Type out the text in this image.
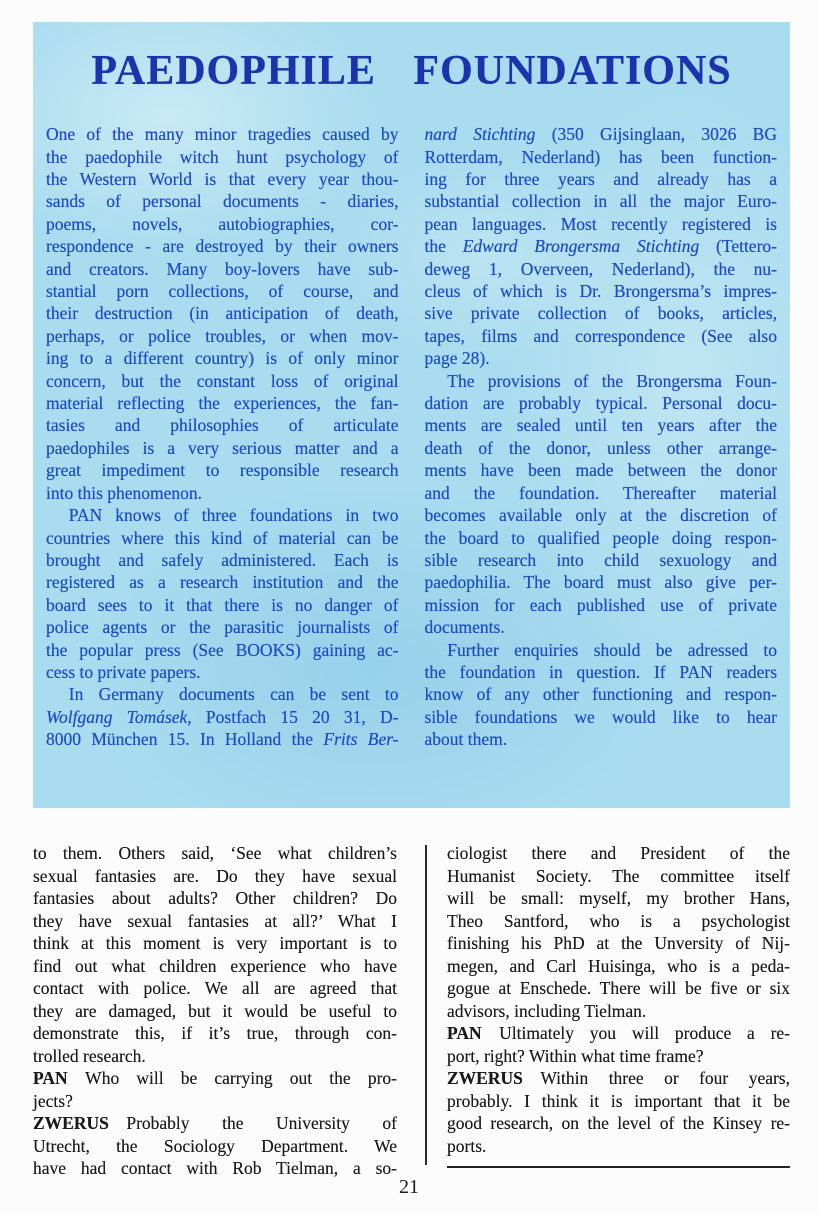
PAEDOPHILE FOUNDATIONS
One of the many minor tragedies caused by
the paedophile witch hunt psychology of
the Western World is that every year thou-
sands of personal documents - diaries,
poems, novels, autobiographies, cor-
respondence - are destroyed by their owners
and creators. Many boy-lovers have sub-
stantial porn collections, of course, and
their destruction (in anticipation of death,
perhaps, or police troubles, or when mov-
ing to a different country) is of only minor
concern, but the constant loss of original
material reflecting the experiences, the fan-
tasies and philosophies of articulate
paedophiles is a very serious matter and a
great impediment to responsible research
into this phenomenon.
PAN knows of three foundations in two
countries where this kind of material can be
brought and safely administered. Each is
registered as a research institution and the
board sees to it that there is no danger of
police agents or the parasitic journalists of
the popular press (See BOOKS) gaining ac-
cess to private papers.
In Germany documents can be sent to
Wolfgang Tomásek, Postfach 15 20 31, D-
8000 München 15. In Holland the Frits Ber-
nard Stichting (350 Gijsinglaan, 3026 BG
Rotterdam, Nederland) has been function-
ing for three years and already has a
substantial collection in all the major Euro-
pean languages. Most recently registered is
the Edward Brongersma Stichting (Tettero-
deweg 1, Overveen, Nederland), the nu-
cleus of which is Dr. Brongersma’s impres-
sive private collection of books, articles,
tapes, films and correspondence (See also
page 28).
The provisions of the Brongersma Foun-
dation are probably typical. Personal docu-
ments are sealed until ten years after the
death of the donor, unless other arrange-
ments have been made between the donor
and the foundation. Thereafter material
becomes available only at the discretion of
the board to qualified people doing respon-
sible research into child sexuology and
paedophilia. The board must also give per-
mission for each published use of private
documents.
Further enquiries should be adressed to
the foundation in question. If PAN readers
know of any other functioning and respon-
sible foundations we would like to hear
about them.
to them. Others said, ‘See what children’s
sexual fantasies are. Do they have sexual
fantasies about adults? Other children? Do
they have sexual fantasies at all?’ What I
think at this moment is very important is to
find out what children experience who have
contact with police. We all are agreed that
they are damaged, but it would be useful to
demonstrate this, if it’s true, through con-
trolled research.
PAN Who will be carrying out the pro-
jects?
ZWERUS Probably the University of
Utrecht, the Sociology Department. We
have had contact with Rob Tielman, a so-
ciologist there and President of the
Humanist Society. The committee itself
will be small: myself, my brother Hans,
Theo Santford, who is a psychologist
finishing his PhD at the Unversity of Nij-
megen, and Carl Huisinga, who is a peda-
gogue at Enschede. There will be five or six
advisors, including Tielman.
PAN Ultimately you will produce a re-
port, right? Within what time frame?
ZWERUS Within three or four years,
probably. I think it is important that it be
good research, on the level of the Kinsey re-
ports.
21
